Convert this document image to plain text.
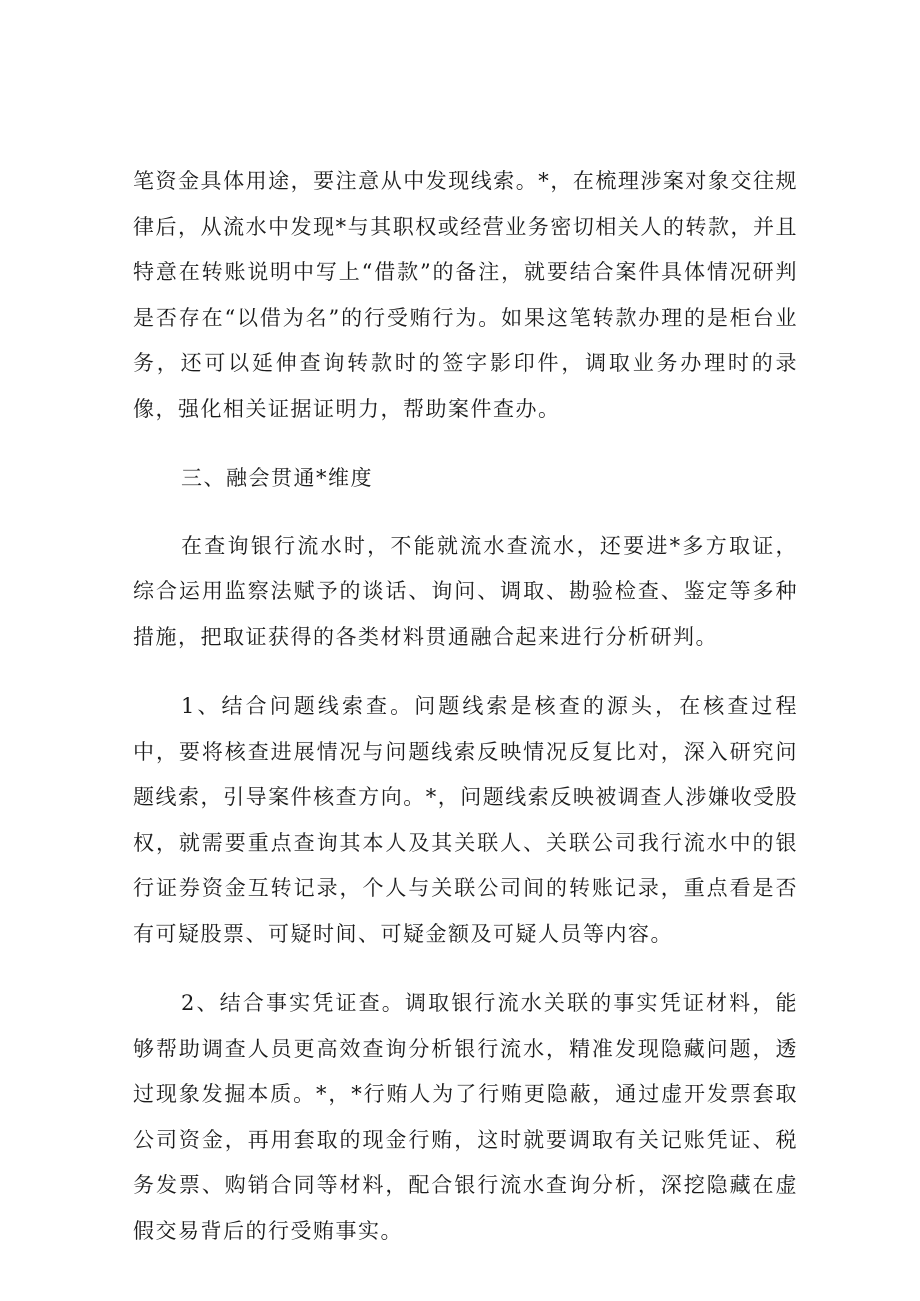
笔资金具体用途，要注意从中发现线索。*，在梳理涉案对象交往规律后，从流水中发现*与其职权或经营业务密切相关人的转款，并且特意在转账说明中写上“借款”的备注，就要结合案件具体情况研判是否存在“以借为名”的行受贿行为。如果这笔转款办理的是柜台业务，还可以延伸查询转款时的签字影印件，调取业务办理时的录像，强化相关证据证明力，帮助案件查办。

三、融会贯通*维度

在查询银行流水时，不能就流水查流水，还要进*多方取证，综合运用监察法赋予的谈话、询问、调取、勘验检查、鉴定等多种措施，把取证获得的各类材料贯通融合起来进行分析研判。

1、结合问题线索查。问题线索是核查的源头，在核查过程中，要将核查进展情况与问题线索反映情况反复比对，深入研究问题线索，引导案件核查方向。*，问题线索反映被调查人涉嫌收受股权，就需要重点查询其本人及其关联人、关联公司我行流水中的银行证券资金互转记录，个人与关联公司间的转账记录，重点看是否有可疑股票、可疑时间、可疑金额及可疑人员等内容。

2、结合事实凭证查。调取银行流水关联的事实凭证材料，能够帮助调查人员更高效查询分析银行流水，精准发现隐藏问题，透过现象发掘本质。*，*行贿人为了行贿更隐蔽，通过虚开发票套取公司资金，再用套取的现金行贿，这时就要调取有关记账凭证、税务发票、购销合同等材料，配合银行流水查询分析，深挖隐藏在虚假交易背后的行受贿事实。
